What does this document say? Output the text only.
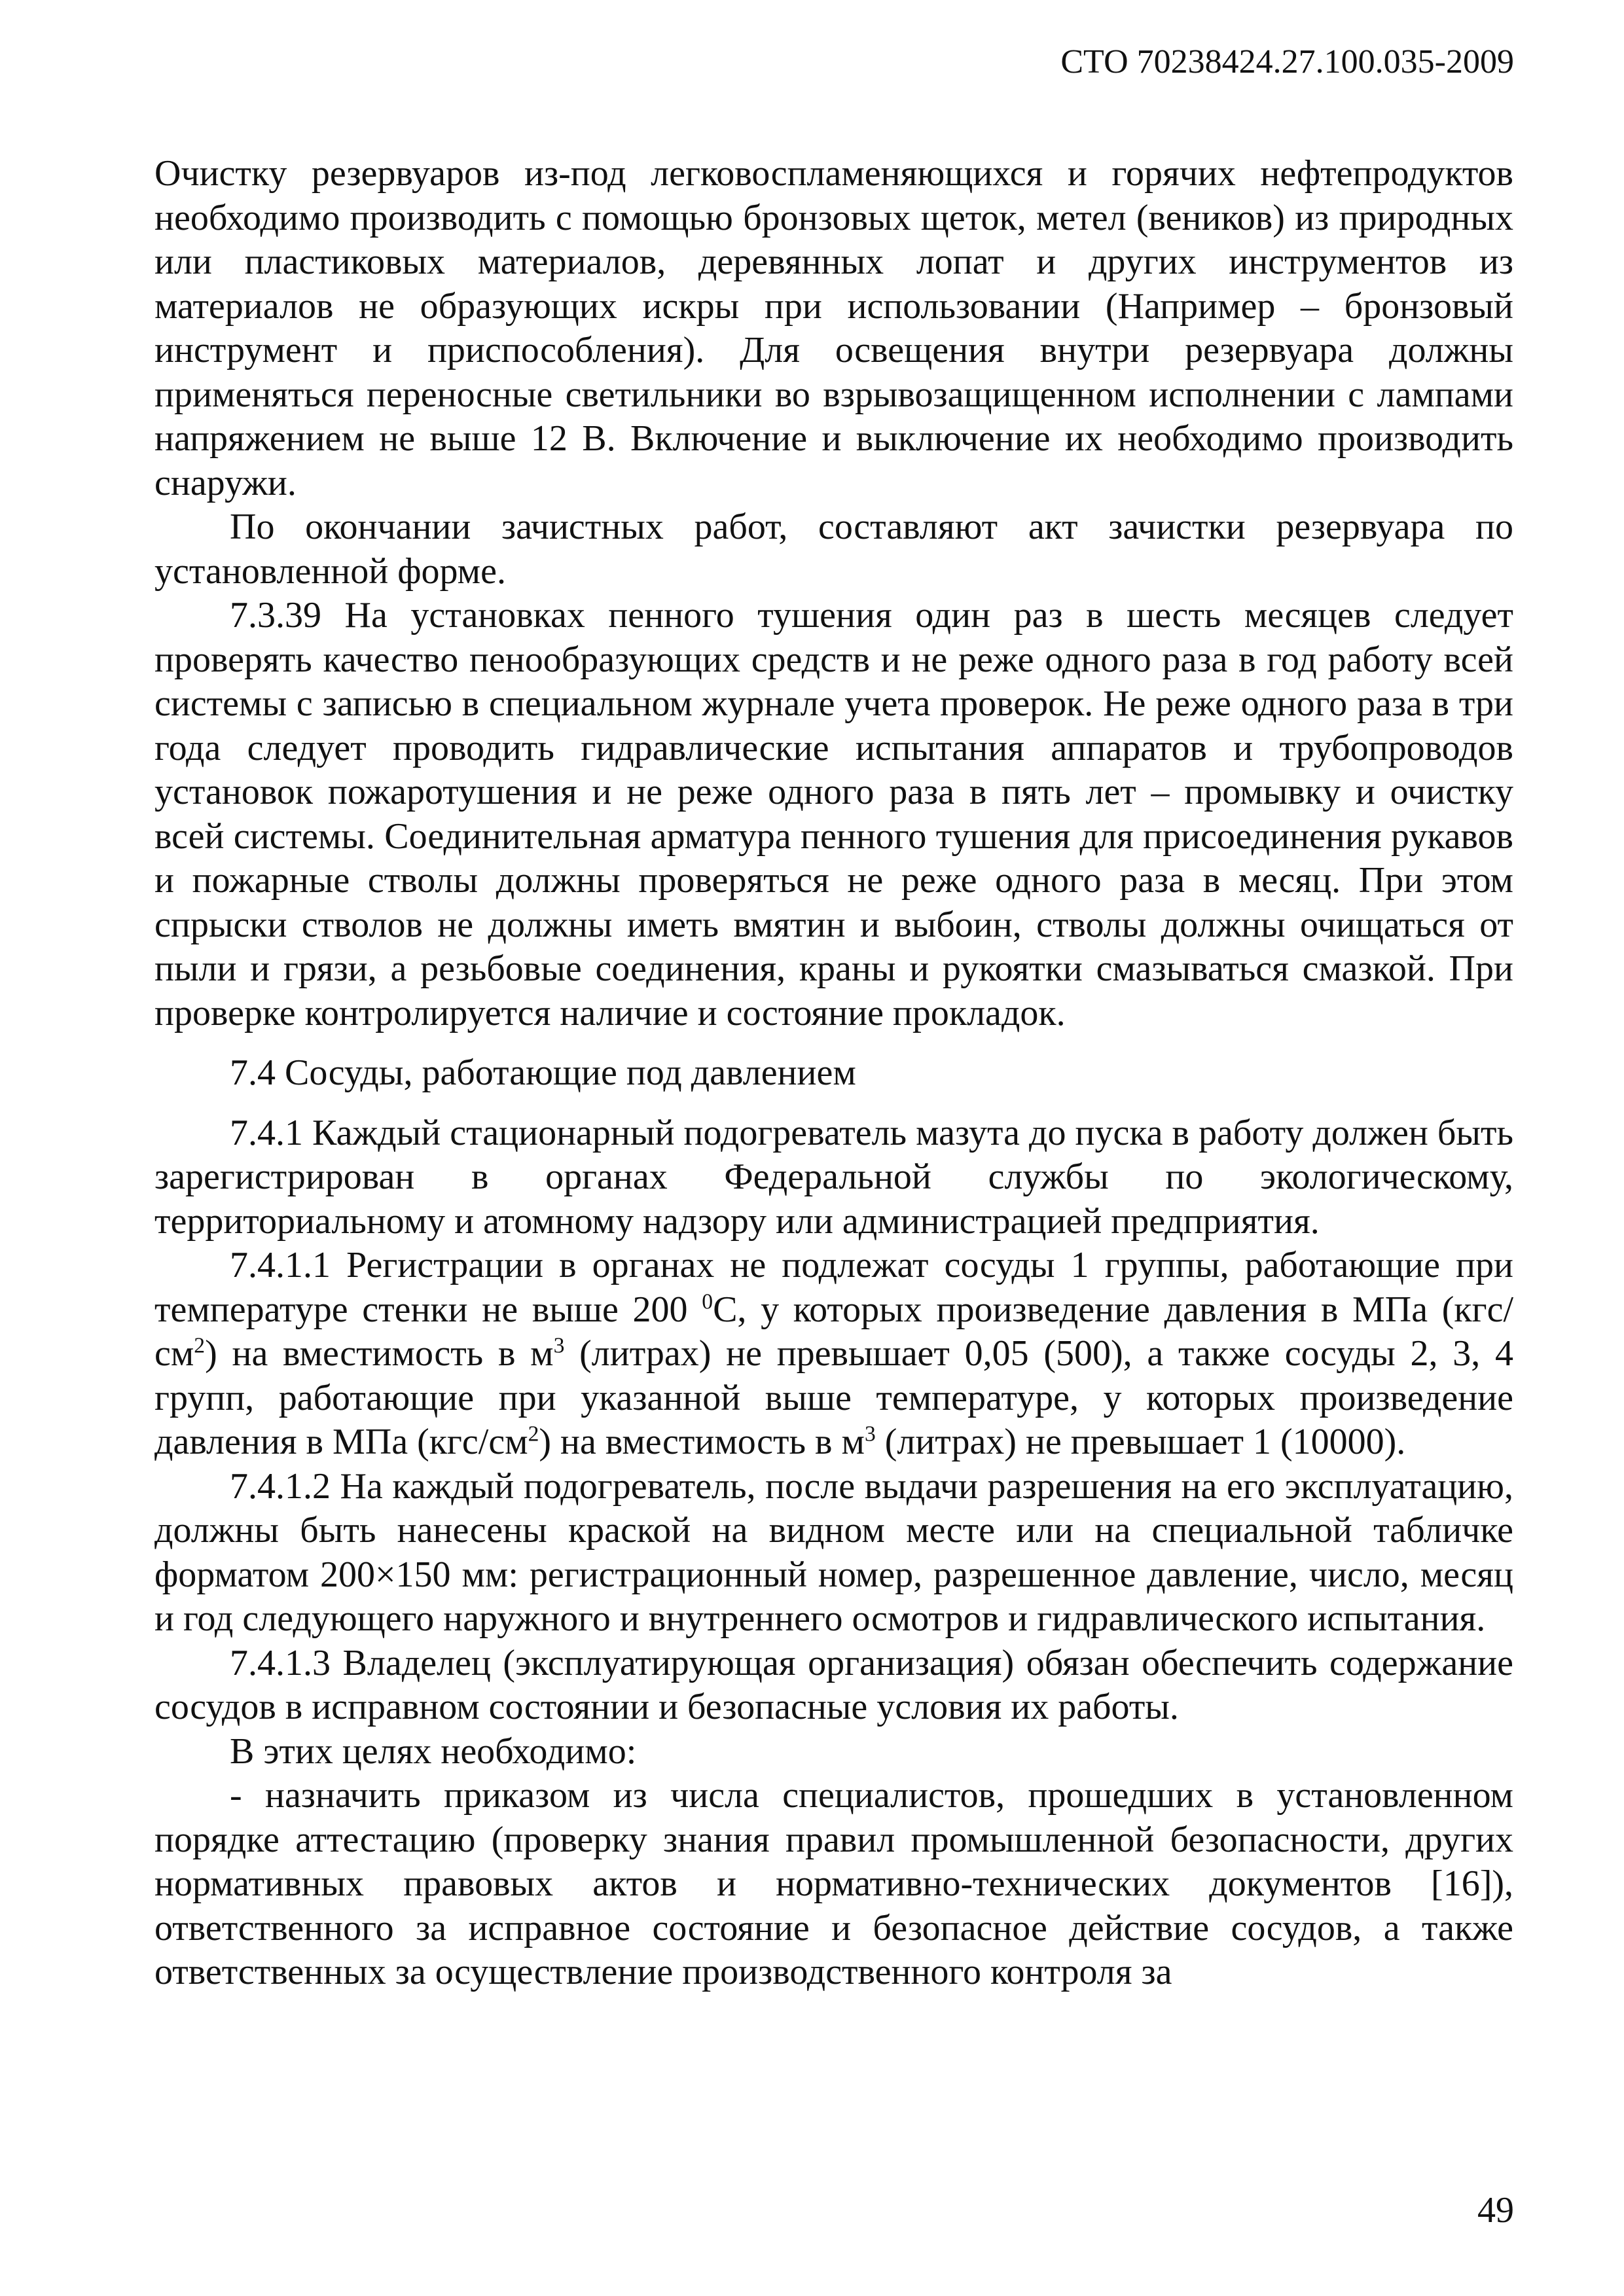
СТО 70238424.27.100.035-2009

Очистку резервуаров из-под легковоспламеняющихся и горячих нефтепродуктов необходимо производить с помощью бронзовых щеток, метел (веников) из природных или пластиковых материалов, деревянных лопат и других инструментов из материалов не образующих искры при использовании (Например – бронзовый инструмент и приспособления). Для освещения внутри резервуара должны применяться переносные светильники во взрывозащищенном исполнении с лампами напряжением не выше 12 В. Включение и выключение их необходимо производить снаружи.

По окончании зачистных работ, составляют акт зачистки резервуара по установленной форме.

7.3.39 На установках пенного тушения один раз в шесть месяцев следует проверять качество пенообразующих средств и не реже одного раза в год работу всей системы с записью в специальном журнале учета проверок. Не реже одного раза в три года следует проводить гидравлические испытания аппаратов и трубопроводов установок пожаротушения и не реже одного раза в пять лет – промывку и очистку всей системы. Соединительная арматура пенного тушения для присоединения рукавов и пожарные стволы должны проверяться не реже одного раза в месяц. При этом спрыски стволов не должны иметь вмятин и выбоин, стволы должны очищаться от пыли и грязи, а резьбовые соединения, краны и рукоятки смазываться смазкой. При проверке контролируется наличие и состояние прокладок.

7.4 Сосуды, работающие под давлением

7.4.1 Каждый стационарный подогреватель мазута до пуска в работу должен быть зарегистрирован в органах Федеральной службы по экологическому, территориальному и атомному надзору или администрацией предприятия.

7.4.1.1 Регистрации в органах не подлежат сосуды 1 группы, работающие при температуре стенки не выше 200 $^0$С, у которых произведение давления в МПа $(кгс/см^2)$ на вместимость в $м^3$ (литрах) не превышает 0,05 (500), а также сосуды 2, 3, 4 групп, работающие при указанной выше температуре, у которых произведение давления в МПа $(кгс/см^2)$ на вместимость в $м^3$ (литрах) не превышает 1 (10000).

7.4.1.2 На каждый подогреватель, после выдачи разрешения на его эксплуатацию, должны быть нанесены краской на видном месте или на специальной табличке форматом 200×150 мм: регистрационный номер, разрешенное давление, число, месяц и год следующего наружного и внутреннего осмотров и гидравлического испытания.

7.4.1.3 Владелец (эксплуатирующая организация) обязан обеспечить содержание сосудов в исправном состоянии и безопасные условия их работы.

В этих целях необходимо:

- назначить приказом из числа специалистов, прошедших в установленном порядке аттестацию (проверку знания правил промышленной безопасности, других нормативных правовых актов и нормативно-технических документов [16]), ответственного за исправное состояние и безопасное действие сосудов, а также ответственных за осуществление производственного контроля за

49
